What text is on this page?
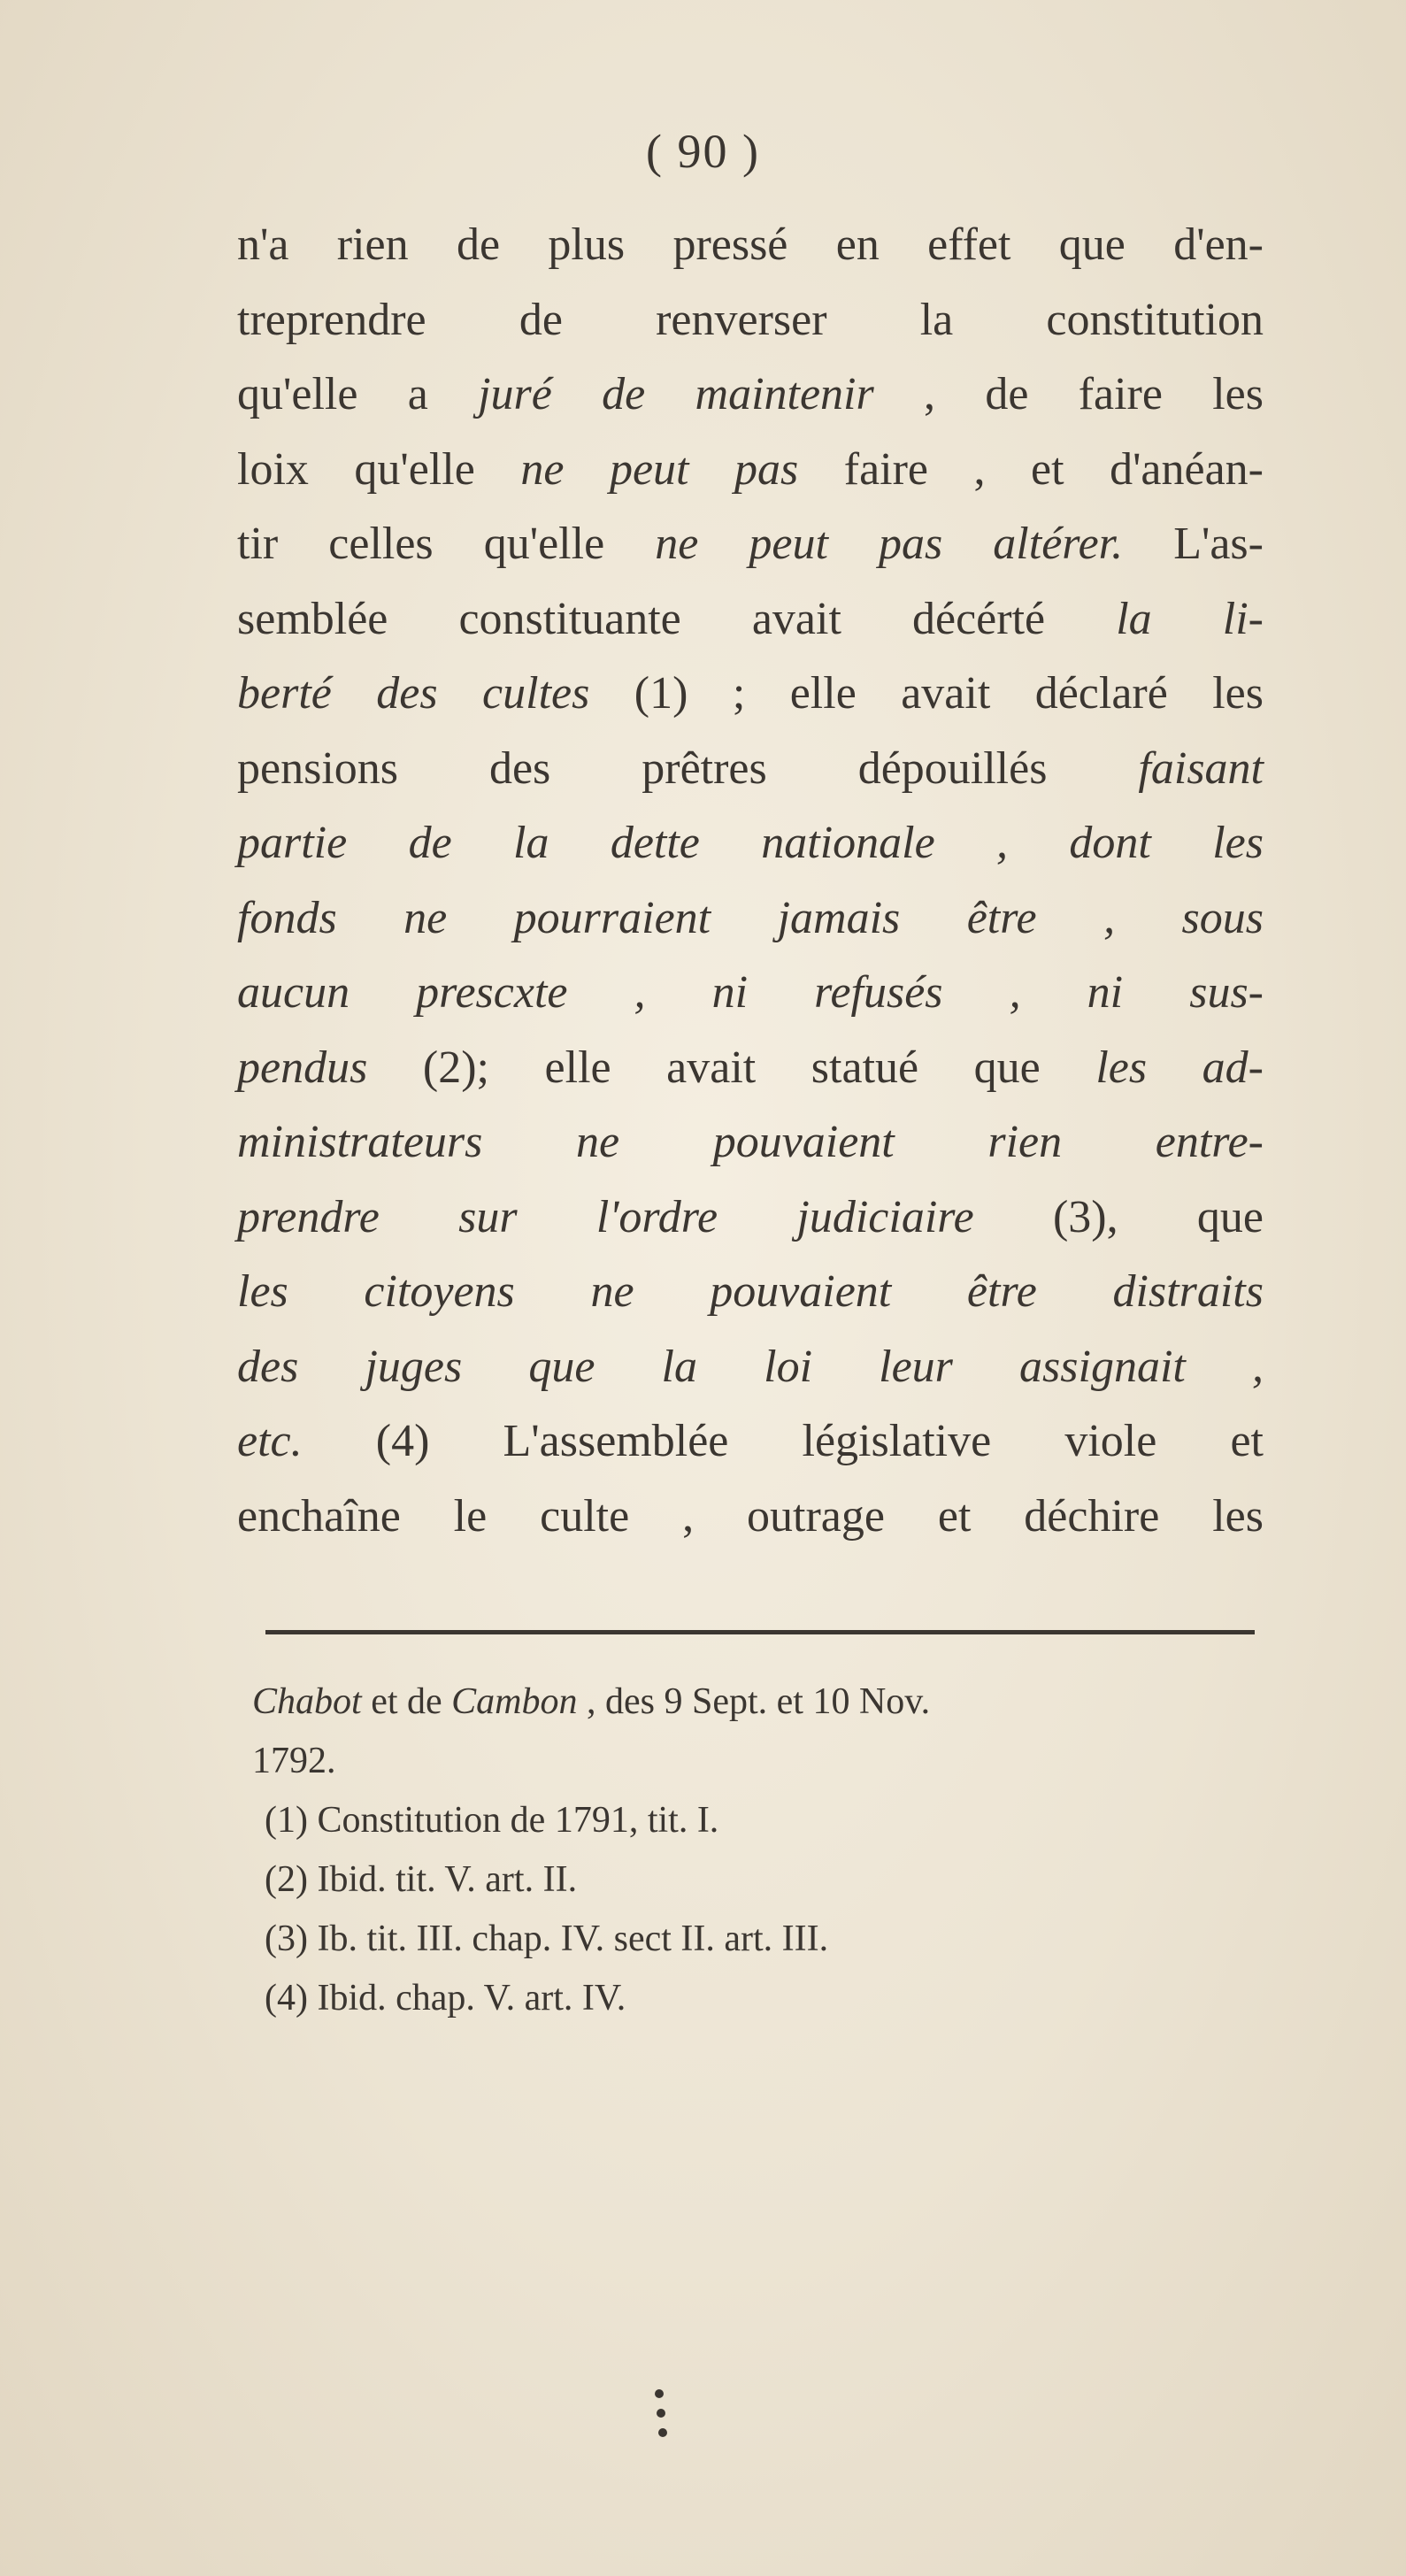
( 90 )
n'a rien de plus pressé en effet que d'en-
treprendre de renverser la constitution
qu'elle a juré de maintenir , de faire les
loix qu'elle ne peut pas faire , et d'anéan-
tir celles qu'elle ne peut pas altérer. L'as-
semblée constituante avait décérté la li-
berté des cultes (1) ; elle avait déclaré les
pensions des prêtres dépouillés faisant
partie de la dette nationale , dont les
fonds ne pourraient jamais être , sous
aucun prescxte , ni refusés , ni sus-
pendus (2); elle avait statué que les ad-
ministrateurs ne pouvaient rien entre-
prendre sur l'ordre judiciaire (3), que
les citoyens ne pouvaient être distraits
des juges que la loi leur assignait ,
etc. (4) L'assemblée législative viole et
enchaîne le culte , outrage et déchire les
Chabot et de Cambon , des 9 Sept. et 10 Nov.
1792.
(1) Constitution de 1791, tit. I.
(2) Ibid. tit. V. art. II.
(3) Ib. tit. III. chap. IV. sect II. art. III.
(4) Ibid. chap. V. art. IV.
